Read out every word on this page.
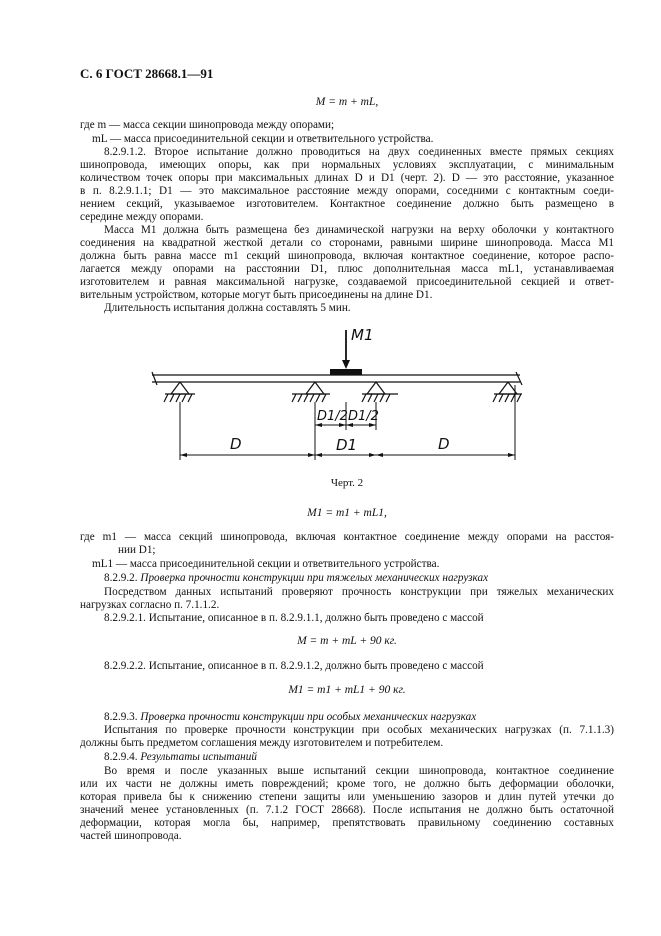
С. 6 ГОСТ 28668.1—91
M = m + mL,
где m — масса секции шинопровода между опорами;
mL — масса присоединительной секции и ответвительного устройства.
8.2.9.1.2. Второе испытание должно проводиться на двух соединенных вместе прямых секциях
шинопровода, имеющих опоры, как при нормальных условиях эксплуатации, с минимальным
количеством точек опоры при максимальных длинах D и D1 (черт. 2). D — это расстояние, указанное
в п. 8.2.9.1.1; D1 — это максимальное расстояние между опорами, соседними с контактным соеди-
нением секций, указываемое изготовителем. Контактное соединение должно быть размещено в
середине между опорами.
Масса M1 должна быть размещена без динамической нагрузки на верху оболочки у контактного
соединения на квадратной жесткой детали со сторонами, равными ширине шинопровода. Масса M1
должна быть равна массе m1 секций шинопровода, включая контактное соединение, которое распо-
лагается между опорами на расстоянии D1, плюс дополнительная масса mL1, устанавливаемая
изготовителем и равная максимальной нагрузке, создаваемой присоединительной секцией и ответ-
вительным устройством, которые могут быть присоединены на длине D1.
Длительность испытания должна составлять 5 мин.
M1
D1/2 D1/2
D1
D	D
Черт. 2
M1 = m1 + mL1,
где m1 — масса секций шинопровода, включая контактное соединение между опорами на расстоя-
нии D1;
mL1 — масса присоединительной секции и ответвительного устройства.
8.2.9.2. Проверка прочности конструкции при тяжелых механических нагрузках
Посредством данных испытаний проверяют прочность конструкции при тяжелых механических
нагрузках согласно п. 7.1.1.2.
8.2.9.2.1. Испытание, описанное в п. 8.2.9.1.1, должно быть проведено с массой
M = m + mL + 90 кг.
8.2.9.2.2. Испытание, описанное в п. 8.2.9.1.2, должно быть проведено с массой
M1 = m1 + mL1 + 90 кг.
8.2.9.3. Проверка прочности конструкции при особых механических нагрузках
Испытания по проверке прочности конструкции при особых механических нагрузках (п. 7.1.1.3)
должны быть предметом соглашения между изготовителем и потребителем.
8.2.9.4. Результаты испытаний
Во время и после указанных выше испытаний секции шинопровода, контактное соединение
или их части не должны иметь повреждений; кроме того, не должно быть деформации оболочки,
которая привела бы к снижению степени защиты или уменьшению зазоров и длин путей утечки до
значений менее установленных (п. 7.1.2 ГОСТ 28668). После испытания не должно быть остаточной
деформации, которая могла бы, например, препятствовать правильному соединению составных
частей шинопровода.
